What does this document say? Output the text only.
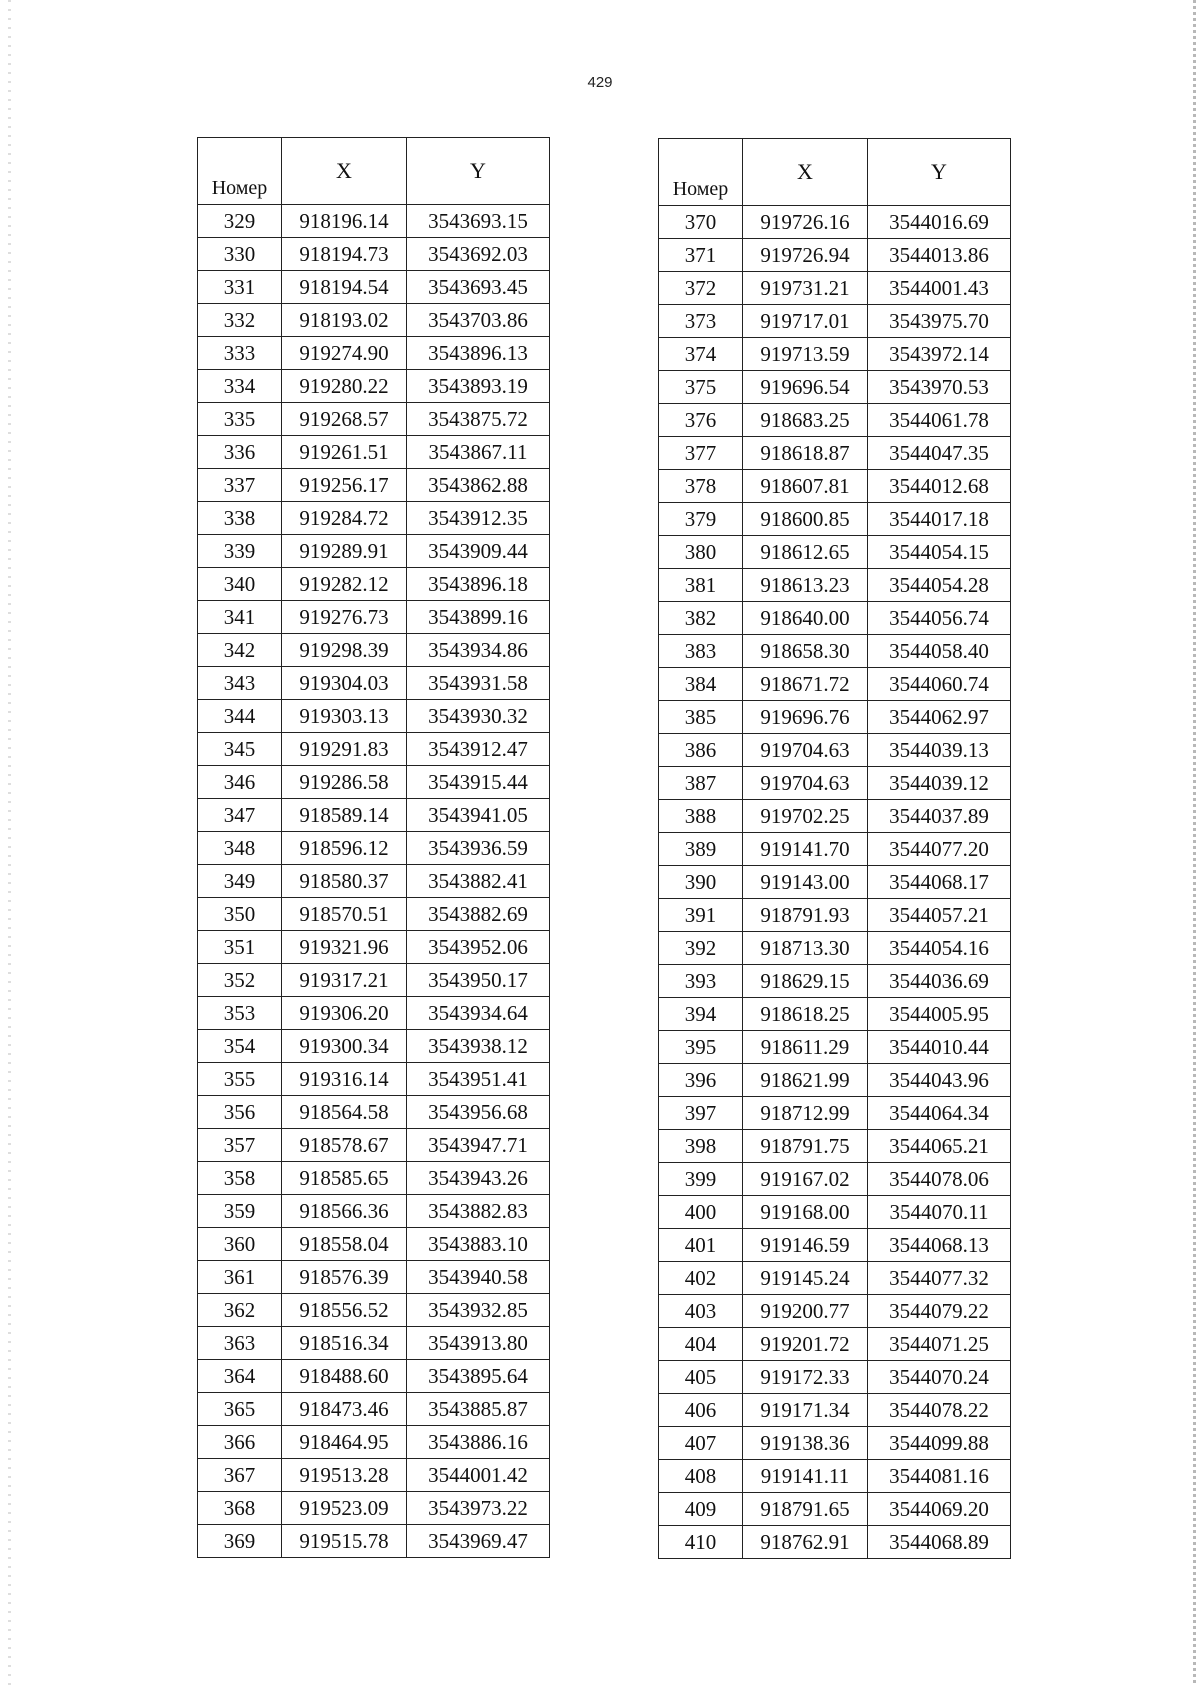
429
Номер	X	Y
329	918196.14	3543693.15
330	918194.73	3543692.03
331	918194.54	3543693.45
332	918193.02	3543703.86
333	919274.90	3543896.13
334	919280.22	3543893.19
335	919268.57	3543875.72
336	919261.51	3543867.11
337	919256.17	3543862.88
338	919284.72	3543912.35
339	919289.91	3543909.44
340	919282.12	3543896.18
341	919276.73	3543899.16
342	919298.39	3543934.86
343	919304.03	3543931.58
344	919303.13	3543930.32
345	919291.83	3543912.47
346	919286.58	3543915.44
347	918589.14	3543941.05
348	918596.12	3543936.59
349	918580.37	3543882.41
350	918570.51	3543882.69
351	919321.96	3543952.06
352	919317.21	3543950.17
353	919306.20	3543934.64
354	919300.34	3543938.12
355	919316.14	3543951.41
356	918564.58	3543956.68
357	918578.67	3543947.71
358	918585.65	3543943.26
359	918566.36	3543882.83
360	918558.04	3543883.10
361	918576.39	3543940.58
362	918556.52	3543932.85
363	918516.34	3543913.80
364	918488.60	3543895.64
365	918473.46	3543885.87
366	918464.95	3543886.16
367	919513.28	3544001.42
368	919523.09	3543973.22
369	919515.78	3543969.47
Номер	X	Y
370	919726.16	3544016.69
371	919726.94	3544013.86
372	919731.21	3544001.43
373	919717.01	3543975.70
374	919713.59	3543972.14
375	919696.54	3543970.53
376	918683.25	3544061.78
377	918618.87	3544047.35
378	918607.81	3544012.68
379	918600.85	3544017.18
380	918612.65	3544054.15
381	918613.23	3544054.28
382	918640.00	3544056.74
383	918658.30	3544058.40
384	918671.72	3544060.74
385	919696.76	3544062.97
386	919704.63	3544039.13
387	919704.63	3544039.12
388	919702.25	3544037.89
389	919141.70	3544077.20
390	919143.00	3544068.17
391	918791.93	3544057.21
392	918713.30	3544054.16
393	918629.15	3544036.69
394	918618.25	3544005.95
395	918611.29	3544010.44
396	918621.99	3544043.96
397	918712.99	3544064.34
398	918791.75	3544065.21
399	919167.02	3544078.06
400	919168.00	3544070.11
401	919146.59	3544068.13
402	919145.24	3544077.32
403	919200.77	3544079.22
404	919201.72	3544071.25
405	919172.33	3544070.24
406	919171.34	3544078.22
407	919138.36	3544099.88
408	919141.11	3544081.16
409	918791.65	3544069.20
410	918762.91	3544068.89
